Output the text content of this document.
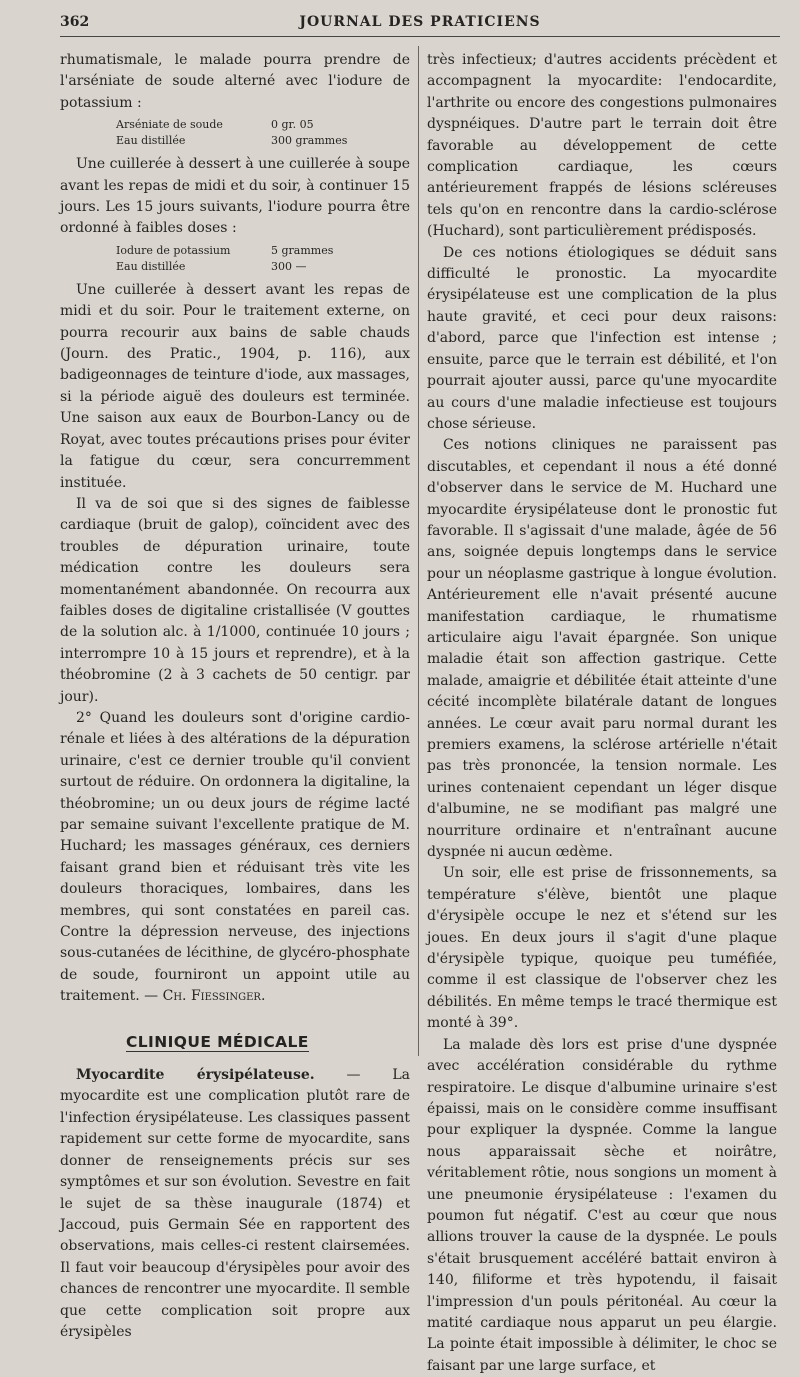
362	JOURNAL DES PRATICIENS

rhumatismale, le malade pourra prendre de l'arséniate de soude alterné avec l'iodure de potassium :

Arséniate de soude	0 gr. 05
Eau distillée	300 grammes

Une cuillerée à dessert à une cuillerée à soupe avant les repas de midi et du soir, à continuer 15 jours. Les 15 jours suivants, l'iodure pourra être ordonné à faibles doses :

Iodure de potassium	5 grammes
Eau distillée	300 —

Une cuillerée à dessert avant les repas de midi et du soir. Pour le traitement externe, on pourra recourir aux bains de sable chauds (Journ. des Pratic., 1904, p. 116), aux badigeonnages de teinture d'iode, aux massages, si la période aiguë des douleurs est terminée. Une saison aux eaux de Bourbon-Lancy ou de Royat, avec toutes précautions prises pour éviter la fatigue du cœur, sera concurremment instituée.

Il va de soi que si des signes de faiblesse cardiaque (bruit de galop), coïncident avec des troubles de dépuration urinaire, toute médication contre les douleurs sera momentanément abandonnée. On recourra aux faibles doses de digitaline cristallisée (V gouttes de la solution alc. à 1/1000, continuée 10 jours ; interrompre 10 à 15 jours et reprendre), et à la théobromine (2 à 3 cachets de 50 centigr. par jour).

2° Quand les douleurs sont d'origine cardio-rénale et liées à des altérations de la dépuration urinaire, c'est ce dernier trouble qu'il convient surtout de réduire. On ordonnera la digitaline, la théobromine; un ou deux jours de régime lacté par semaine suivant l'excellente pratique de M. Huchard; les massages généraux, ces derniers faisant grand bien et réduisant très vite les douleurs thoraciques, lombaires, dans les membres, qui sont constatées en pareil cas. Contre la dépression nerveuse, des injections sous-cutanées de lécithine, de glycéro-phosphate de soude, fourniront un appoint utile au traitement. — Ch. Fiessinger.

CLINIQUE MÉDICALE

Myocardite érysipélateuse. — La myocardite est une complication plutôt rare de l'infection érysipélateuse. Les classiques passent rapidement sur cette forme de myocardite, sans donner de renseignements précis sur ses symptômes et sur son évolution. Sevestre en fait le sujet de sa thèse inaugurale (1874) et Jaccoud, puis Germain Sée en rapportent des observations, mais celles-ci restent clairsemées. Il faut voir beaucoup d'érysipèles pour avoir des chances de rencontrer une myocardite. Il semble que cette complication soit propre aux érysipèles

très infectieux; d'autres accidents précèdent et accompagnent la myocardite: l'endocardite, l'arthrite ou encore des congestions pulmonaires dyspnéiques. D'autre part le terrain doit être favorable au développement de cette complication cardiaque, les cœurs antérieurement frappés de lésions scléreuses tels qu'on en rencontre dans la cardio-sclérose (Huchard), sont particulièrement prédisposés.

De ces notions étiologiques se déduit sans difficulté le pronostic. La myocardite érysipélateuse est une complication de la plus haute gravité, et ceci pour deux raisons: d'abord, parce que l'infection est intense ; ensuite, parce que le terrain est débilité, et l'on pourrait ajouter aussi, parce qu'une myocardite au cours d'une maladie infectieuse est toujours chose sérieuse.

Ces notions cliniques ne paraissent pas discutables, et cependant il nous a été donné d'observer dans le service de M. Huchard une myocardite érysipélateuse dont le pronostic fut favorable. Il s'agissait d'une malade, âgée de 56 ans, soignée depuis longtemps dans le service pour un néoplasme gastrique à longue évolution. Antérieurement elle n'avait présenté aucune manifestation cardiaque, le rhumatisme articulaire aigu l'avait épargnée. Son unique maladie était son affection gastrique. Cette malade, amaigrie et débilitée était atteinte d'une cécité incomplète bilatérale datant de longues années. Le cœur avait paru normal durant les premiers examens, la sclérose artérielle n'était pas très prononcée, la tension normale. Les urines contenaient cependant un léger disque d'albumine, ne se modifiant pas malgré une nourriture ordinaire et n'entraînant aucune dyspnée ni aucun œdème.

Un soir, elle est prise de frissonnements, sa température s'élève, bientôt une plaque d'érysipèle occupe le nez et s'étend sur les joues. En deux jours il s'agit d'une plaque d'érysipèle typique, quoique peu tuméfiée, comme il est classique de l'observer chez les débilités. En même temps le tracé thermique est monté à 39°.

La malade dès lors est prise d'une dyspnée avec accélération considérable du rythme respiratoire. Le disque d'albumine urinaire s'est épaissi, mais on le considère comme insuffisant pour expliquer la dyspnée. Comme la langue nous apparaissait sèche et noirâtre, véritablement rôtie, nous songions un moment à une pneumonie érysipélateuse : l'examen du poumon fut négatif. C'est au cœur que nous allions trouver la cause de la dyspnée. Le pouls s'était brusquement accéléré battait environ à 140, filiforme et très hypotendu, il faisait l'impression d'un pouls péritonéal. Au cœur la matité cardiaque nous apparut un peu élargie. La pointe était impossible à délimiter, le choc se faisant par une large surface, et
